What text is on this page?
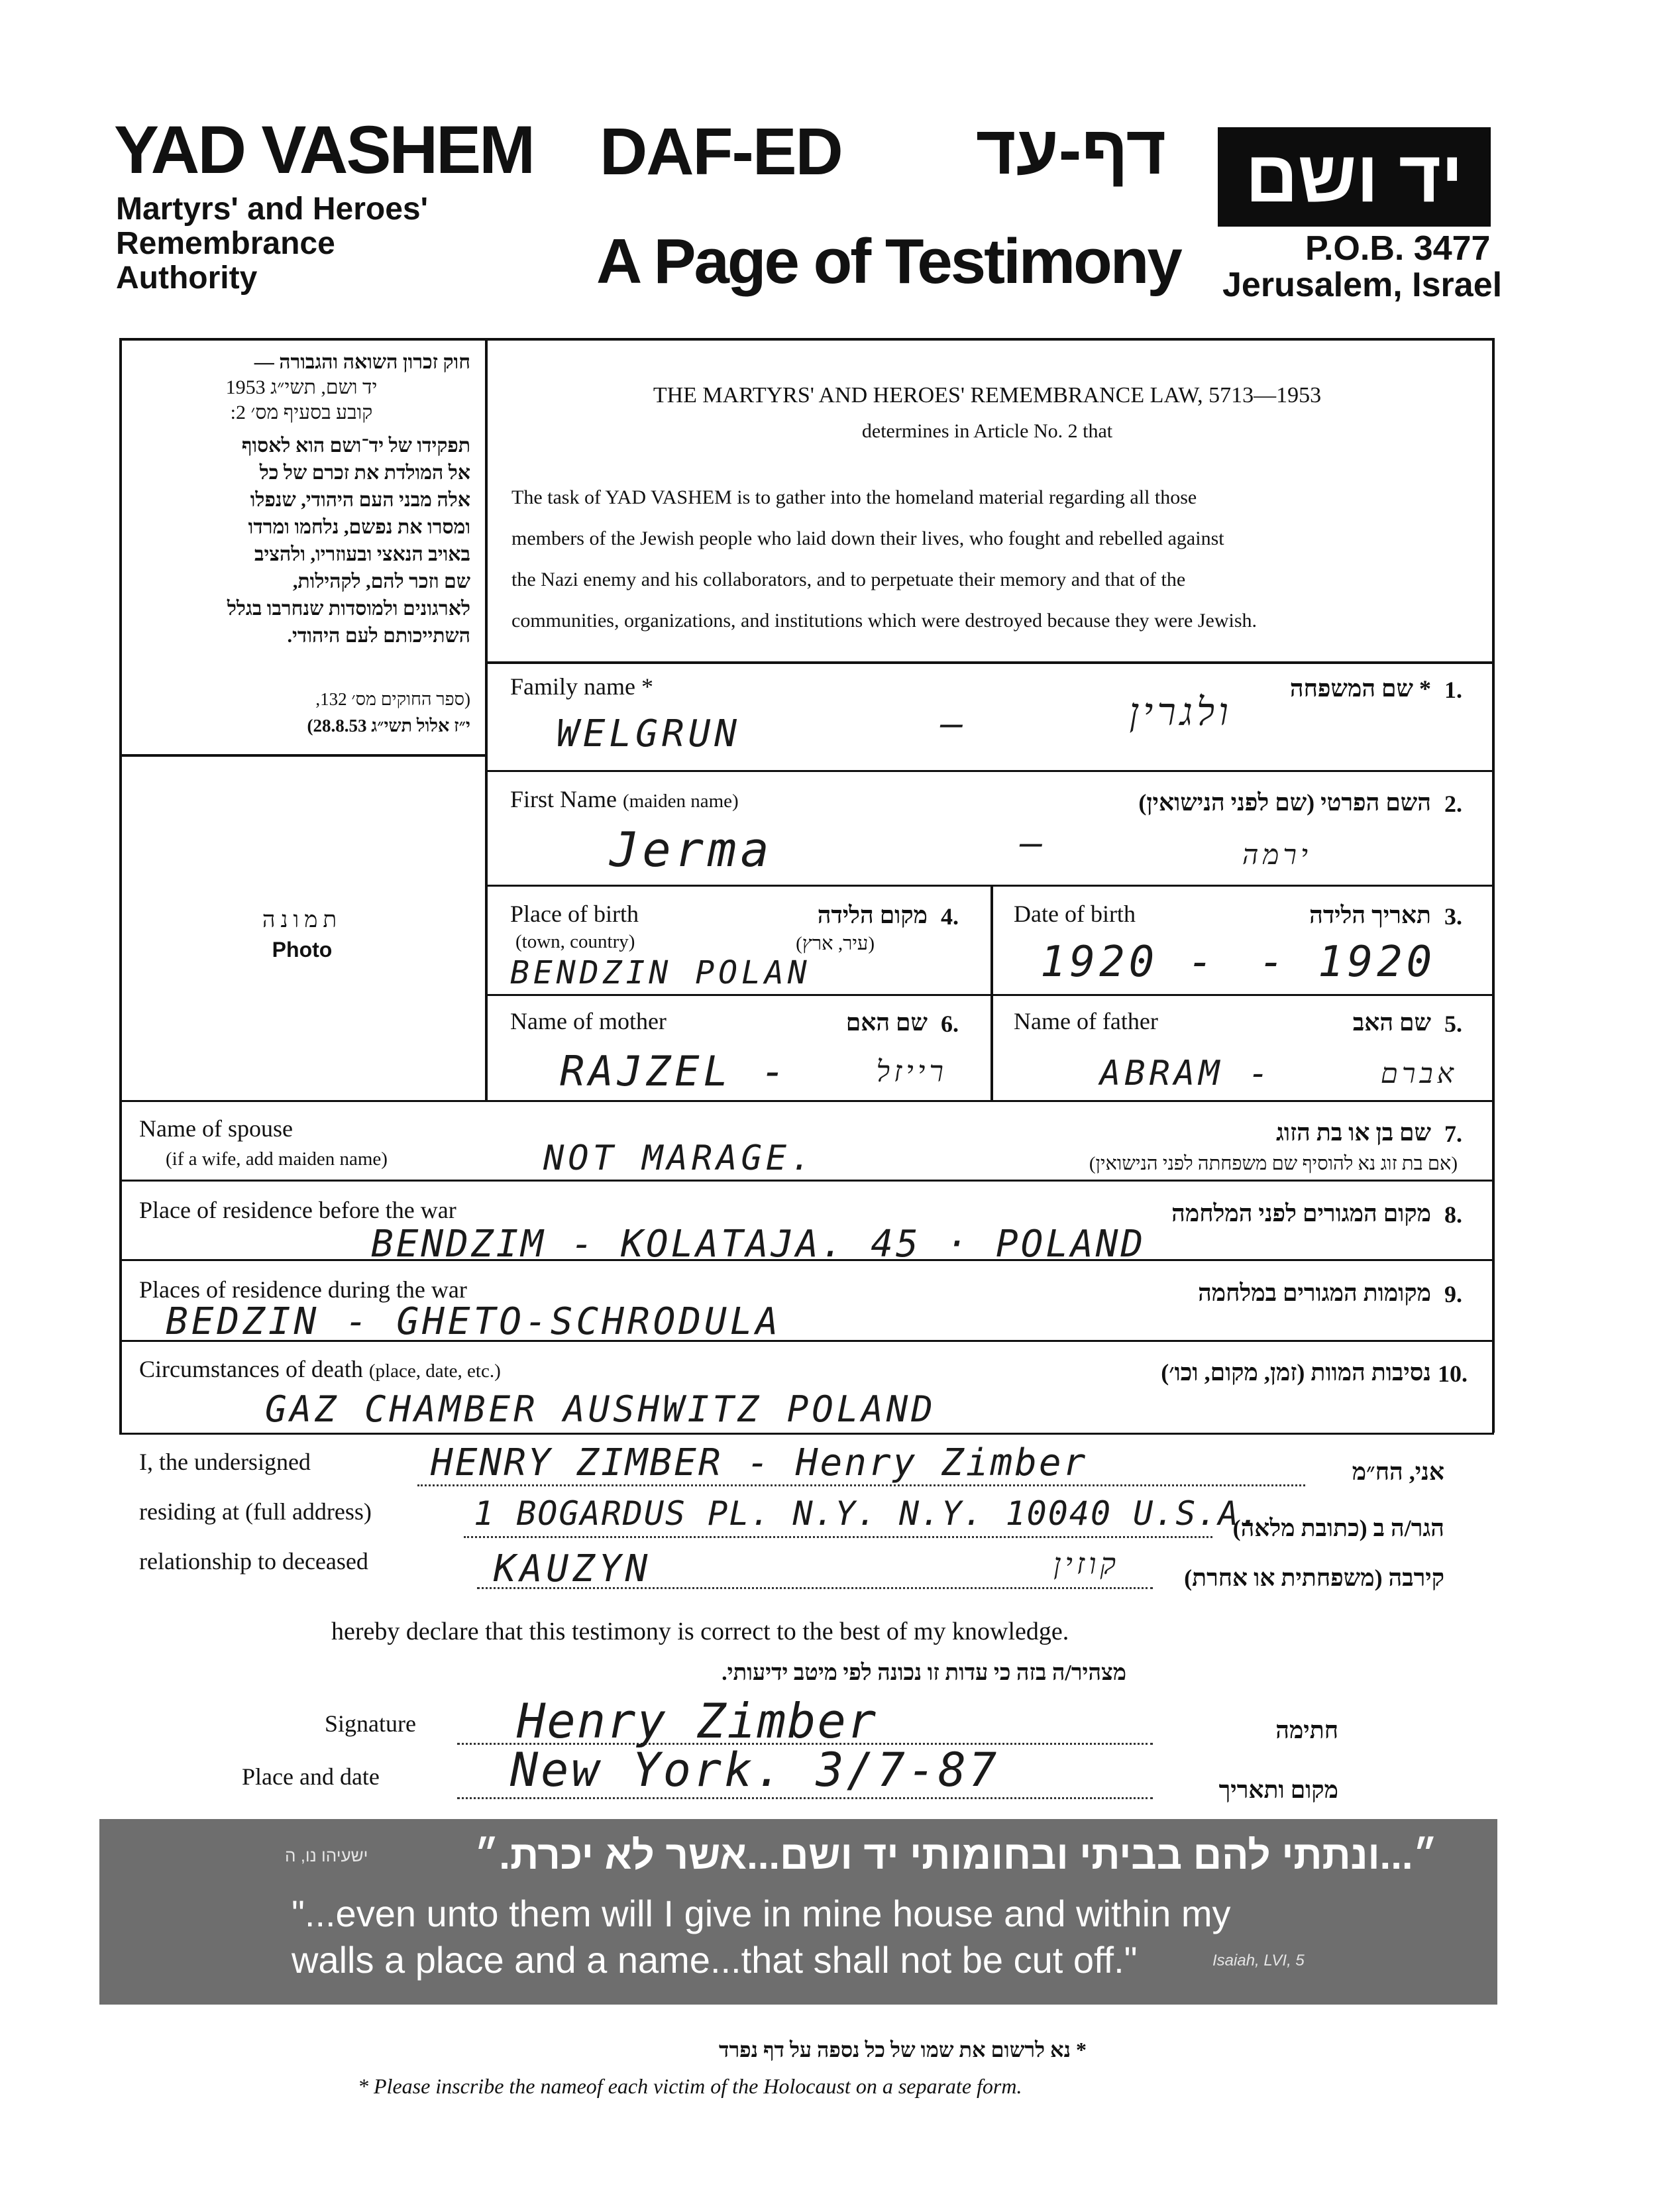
YAD VASHEM
Martyrs' and Heroes'
Remembrance
Authority
DAF-ED	דף-עד
A Page of Testimony
יד ושם
P.O.B. 3477
Jerusalem, Israel
חוק זכרון השואה והגבורה —
יד ושם, תשי״ג 1953
קובע בסעיף מס׳ 2:
תפקידו של יד־ושם הוא לאסוף
אל המולדת את זכרם של כל
אלה מבני העם היהודי, שנפלו
ומסרו את נפשם, נלחמו ומרדו
באויב הנאצי ובעוזריו, ולהציב
שם וזכר להם, לקהילות,
לארגונים ולמוסדות שנחרבו בגלל
השתייכותם לעם היהודי.
(ספר החוקים מס׳ 132,
י״ז אלול תשי״ג 28.8.53)
THE MARTYRS' AND HEROES' REMEMBRANCE LAW, 5713—1953
determines in Article No. 2 that
The task of YAD VASHEM is to gather into the homeland material regarding all those
members of the Jewish people who laid down their lives, who fought and rebelled against
the Nazi enemy and his collaborators, and to perpetuate their memory and that of the
communities, organizations, and institutions which were destroyed because they were Jewish.
תמונה
Photo
Family name *	* שם המשפחה 1.
WELGRUN	—	ולגרין
First Name (maiden name)	השם הפרטי (שם לפני הנישואין) 2.
Jerma	—	ירמה
Place of birth	מקום הלידה 4.
(town, country)	(עיר, ארץ)
BENDZIN POLAN
Date of birth	תאריך הלידה 3.
1920 - - 1920
Name of mother	שם האם 6.
RAJZEL -	רייזל
Name of father	שם האב 5.
ABRAM -	אברם
Name of spouse
(if a wife, add maiden name)
שם בן או בת הזוג
(אם בת זוג נא להוסיף שם משפחתה לפני הנישואין)
7.
NOT MARAGE.
Place of residence before the war	מקום המגורים לפני המלחמה 8.
BENDZIM - KOLATAJA. 45 · POLAND
Places of residence during the war	מקומות המגורים במלחמה 9.
BEDZIN - GHETO-SCHRODULA
Circumstances of death (place, date, etc.)	נסיבות המוות (זמן, מקום, וכו׳) 10.
GAZ CHAMBER AUSHWITZ POLAND
I, the undersigned	HENRY ZIMBER - Henry Zimber	אני, הח״מ
residing at (full address)	1 BOGARDUS PL. N.Y. N.Y. 10040 U.S.A.
הגר/ה ב (כתובת מלאה)
relationship to deceased	KAUZYN	קוזין	קירבה (משפחתית או אחרת)
hereby declare that this testimony is correct to the best of my knowledge.
מצהיר/ה בזה כי עדות זו נכונה לפי מיטב ידיעותי.
Signature Henry Zimber	חתימה
Place and date	New York. 3/7-87	מקום ותאריך
״...ונתתי להם בביתי ובחומותי יד ושם...אשר לא יכרת.״
ישעיהו נו, ה
"...even unto them will I give in mine house and within my
walls a place and a name...that shall not be cut off."	Isaiah, LVI, 5
* נא לרשום את שמו של כל נספה על דף נפרד
* Please inscribe the nameof each victim of the Holocaust on a separate form.
